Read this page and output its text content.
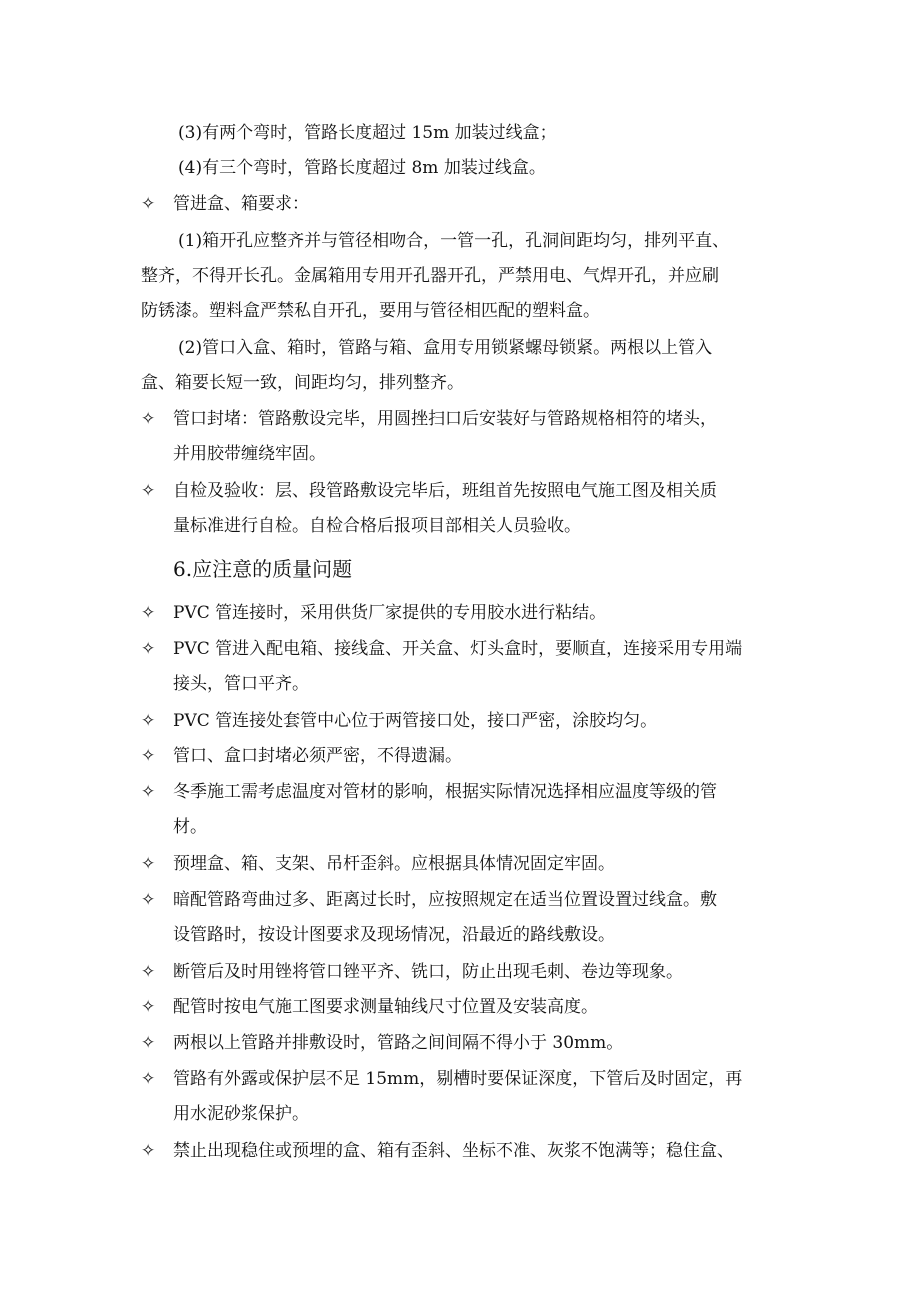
(3)有两个弯时，管路长度超过 15m 加装过线盒；
(4)有三个弯时，管路长度超过 8m 加装过线盒。
✧ 管进盒、箱要求：
(1)箱开孔应整齐并与管径相吻合，一管一孔，孔洞间距均匀，排列平直、
整齐，不得开长孔。金属箱用专用开孔器开孔，严禁用电、气焊开孔，并应刷
防锈漆。塑料盒严禁私自开孔，要用与管径相匹配的塑料盒。
(2)管口入盒、箱时，管路与箱、盒用专用锁紧螺母锁紧。两根以上管入
盒、箱要长短一致，间距均匀，排列整齐。
✧ 管口封堵：管路敷设完毕，用圆挫扫口后安装好与管路规格相符的堵头，
并用胶带缠绕牢固。
✧ 自检及验收：层、段管路敷设完毕后，班组首先按照电气施工图及相关质
量标准进行自检。自检合格后报项目部相关人员验收。
6.应注意的质量问题
✧ PVC 管连接时，采用供货厂家提供的专用胶水进行粘结。
✧ PVC 管进入配电箱、接线盒、开关盒、灯头盒时，要顺直，连接采用专用端
接头，管口平齐。
✧ PVC 管连接处套管中心位于两管接口处，接口严密，涂胶均匀。
✧ 管口、盒口封堵必须严密，不得遗漏。
✧ 冬季施工需考虑温度对管材的影响，根据实际情况选择相应温度等级的管
材。
✧ 预埋盒、箱、支架、吊杆歪斜。应根据具体情况固定牢固。
✧ 暗配管路弯曲过多、距离过长时，应按照规定在适当位置设置过线盒。敷
设管路时，按设计图要求及现场情况，沿最近的路线敷设。
✧ 断管后及时用锉将管口锉平齐、铣口，防止出现毛刺、卷边等现象。
✧ 配管时按电气施工图要求测量轴线尺寸位置及安装高度。
✧ 两根以上管路并排敷设时，管路之间间隔不得小于 30mm。
✧ 管路有外露或保护层不足 15mm，剔槽时要保证深度，下管后及时固定，再
用水泥砂浆保护。
✧ 禁止出现稳住或预埋的盒、箱有歪斜、坐标不准、灰浆不饱满等；稳住盒、
